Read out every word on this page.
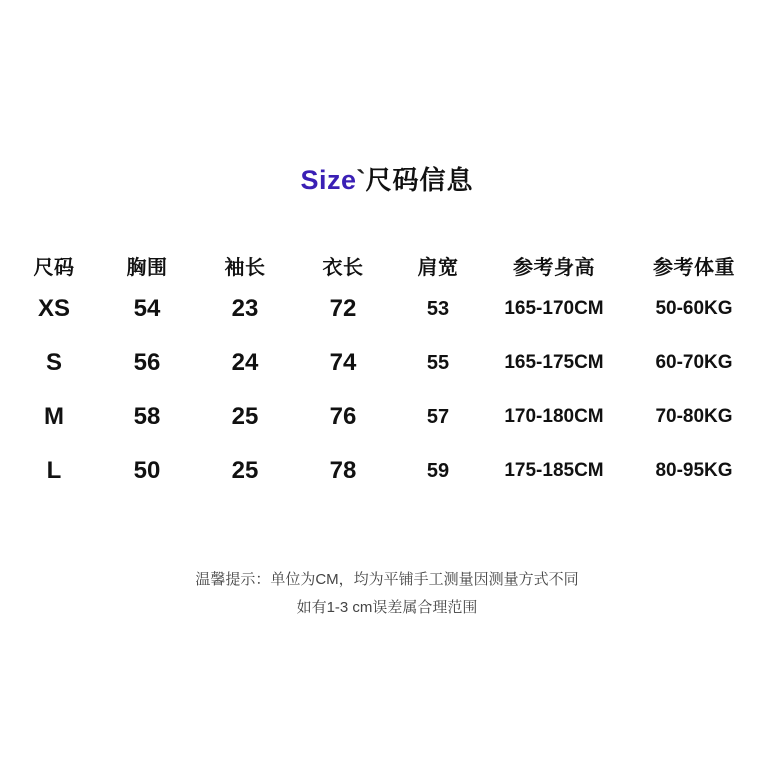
Size`尺码信息
尺码	胸围	袖长	衣长	肩宽	参考身高	参考体重
XS	54	23	72	53	165-170CM	50-60KG
S	56	24	74	55	165-175CM	60-70KG
M	58	25	76	57	170-180CM	70-80KG
L	50	25	78	59	175-185CM	80-95KG
温馨提示：单位为CM，均为平铺手工测量因测量方式不同
如有1-3 cm误差属合理范围
